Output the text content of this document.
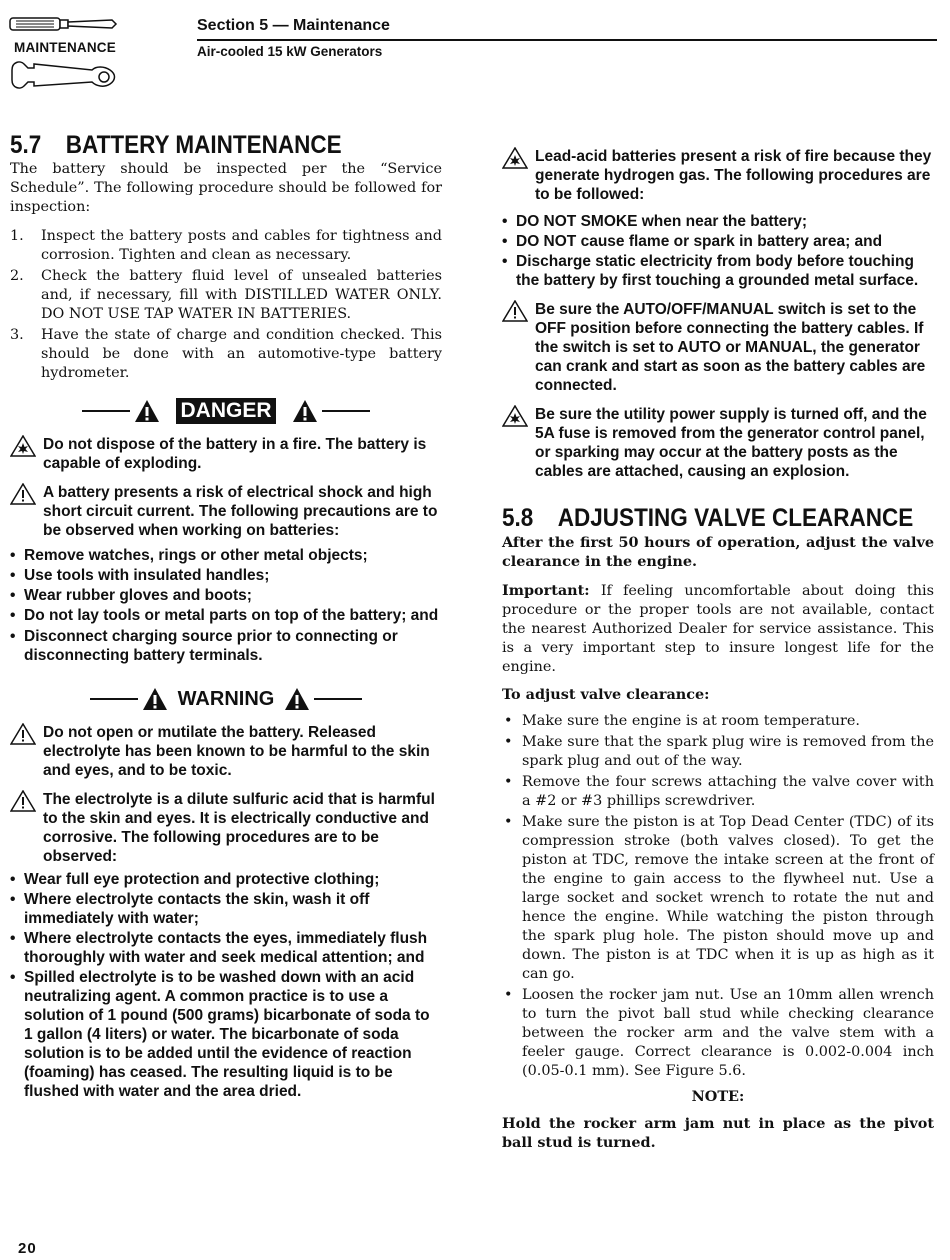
MAINTENANCE
Section 5 — Maintenance
Air-cooled 15 kW Generators
5.7 BATTERY MAINTENANCE

The battery should be inspected per the “Service Schedule”. The following procedure should be followed for inspection:

1. Inspect the battery posts and cables for tightness and corrosion. Tighten and clean as necessary.
2. Check the battery fluid level of unsealed batteries and, if necessary, fill with DISTILLED WATER ONLY. DO NOT USE TAP WATER IN BATTERIES.
3. Have the state of charge and condition checked. This should be done with an automotive-type battery hydrometer.
DANGER
Do not dispose of the battery in a fire. The battery is capable of exploding.
A battery presents a risk of electrical shock and high short circuit current. The following precautions are to be observed when working on batteries:
• Remove watches, rings or other metal objects;
• Use tools with insulated handles;
• Wear rubber gloves and boots;
• Do not lay tools or metal parts on top of the battery; and
• Disconnect charging source prior to connecting or disconnecting battery terminals.
WARNING
Do not open or mutilate the battery. Released electrolyte has been known to be harmful to the skin and eyes, and to be toxic.
The electrolyte is a dilute sulfuric acid that is harmful to the skin and eyes. It is electrically conductive and corrosive. The following procedures are to be observed:
• Wear full eye protection and protective clothing;
• Where electrolyte contacts the skin, wash it off immediately with water;
• Where electrolyte contacts the eyes, immediately flush thoroughly with water and seek medical attention; and
• Spilled electrolyte is to be washed down with an acid neutralizing agent. A common practice is to use a solution of 1 pound (500 grams) bicarbonate of soda to 1 gallon (4 liters) or water. The bicarbonate of soda solution is to be added until the evidence of reaction (foaming) has ceased. The resulting liquid is to be flushed with water and the area dried.
Lead-acid batteries present a risk of fire because they generate hydrogen gas. The following procedures are to be followed:
• DO NOT SMOKE when near the battery;
• DO NOT cause flame or spark in battery area; and
• Discharge static electricity from body before touching the battery by first touching a grounded metal surface.
Be sure the AUTO/OFF/MANUAL switch is set to the OFF position before connecting the battery cables. If the switch is set to AUTO or MANUAL, the generator can crank and start as soon as the battery cables are connected.
Be sure the utility power supply is turned off, and the 5A fuse is removed from the generator control panel, or sparking may occur at the battery posts as the cables are attached, causing an explosion.
5.8 ADJUSTING VALVE CLEARANCE

After the first 50 hours of operation, adjust the valve clearance in the engine.

Important: If feeling uncomfortable about doing this procedure or the proper tools are not available, contact the nearest Authorized Dealer for service assistance. This is a very important step to insure longest life for the engine.

To adjust valve clearance:

• Make sure the engine is at room temperature.
• Make sure that the spark plug wire is removed from the spark plug and out of the way.
• Remove the four screws attaching the valve cover with a #2 or #3 phillips screwdriver.
• Make sure the piston is at Top Dead Center (TDC) of its compression stroke (both valves closed). To get the piston at TDC, remove the intake screen at the front of the engine to gain access to the flywheel nut. Use a large socket and socket wrench to rotate the nut and hence the engine. While watching the piston through the spark plug hole. The piston should move up and down. The piston is at TDC when it is up as high as it can go.
• Loosen the rocker jam nut. Use an 10mm allen wrench to turn the pivot ball stud while checking clearance between the rocker arm and the valve stem with a feeler gauge. Correct clearance is 0.002-0.004 inch (0.05-0.1 mm). See Figure 5.6.

NOTE:

Hold the rocker arm jam nut in place as the pivot ball stud is turned.

20
